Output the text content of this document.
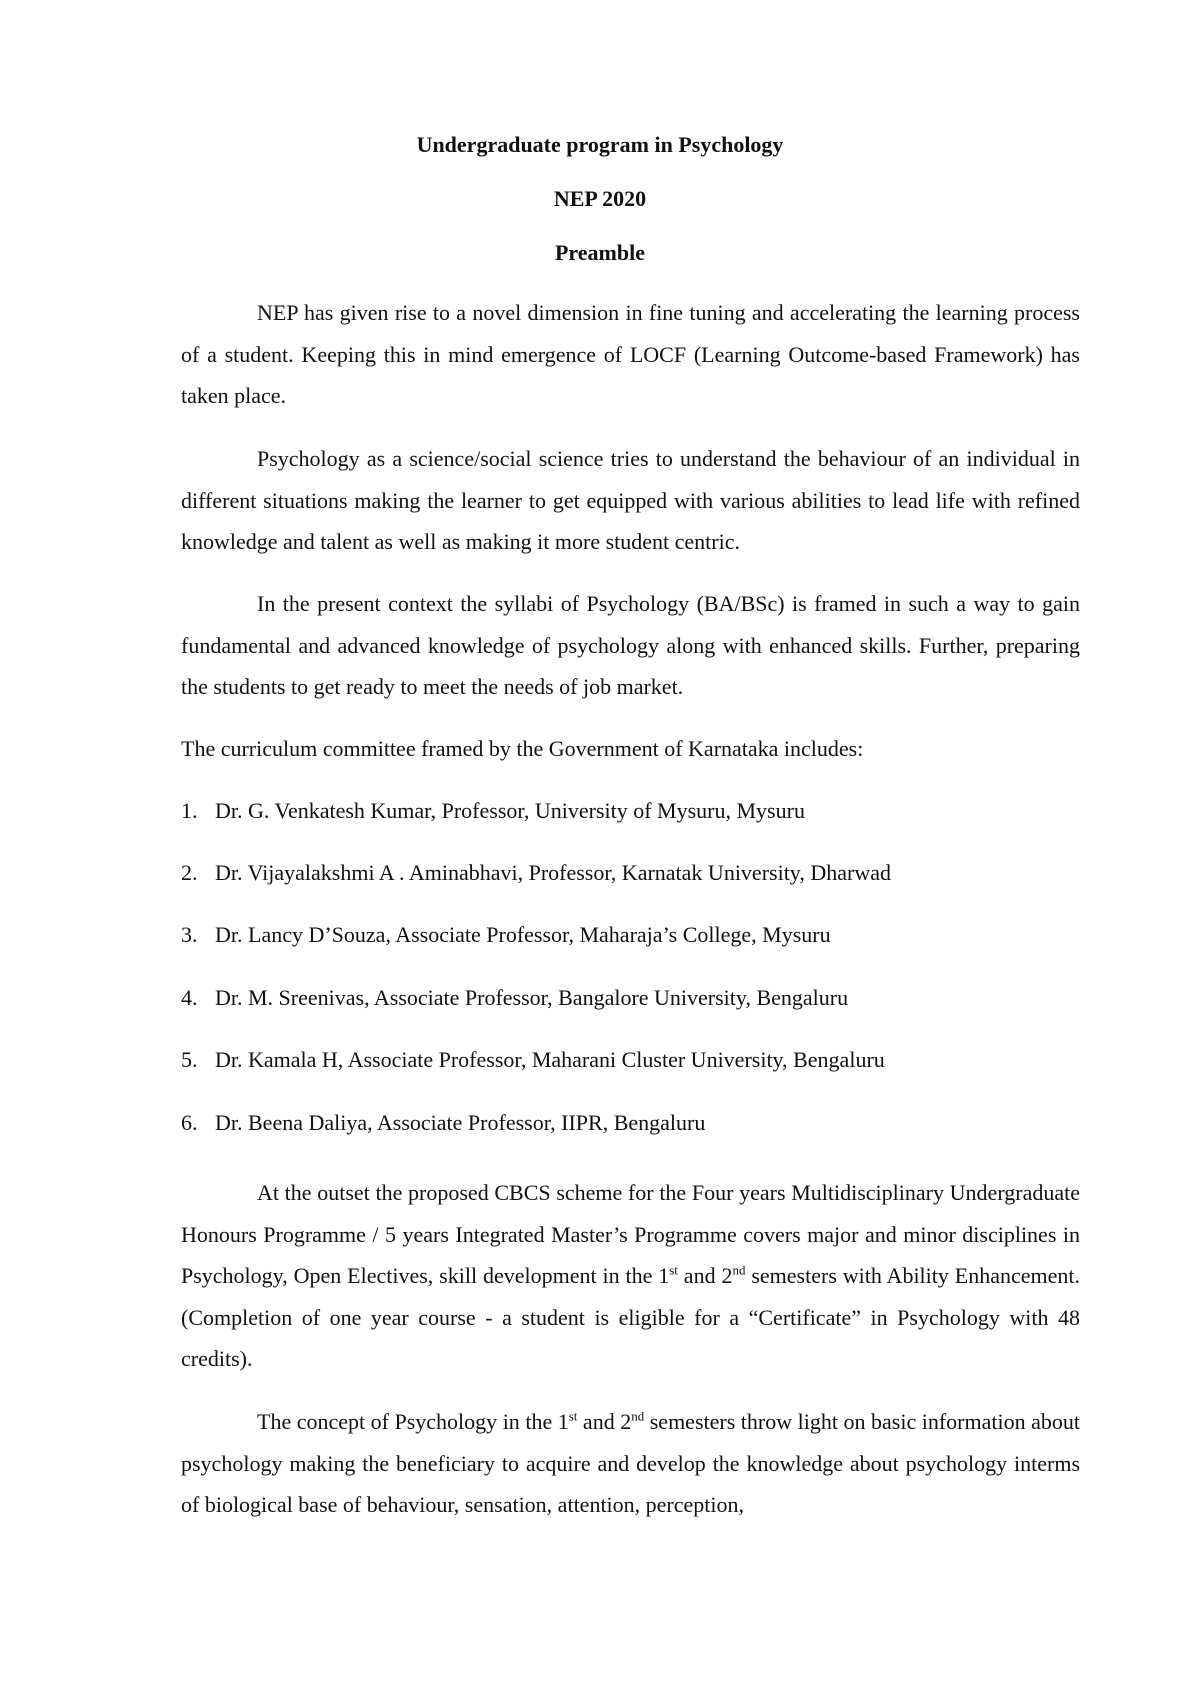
Undergraduate program in Psychology
NEP 2020
Preamble

NEP has given rise to a novel dimension in fine tuning and accelerating the learning process of a student. Keeping this in mind emergence of LOCF (Learning Outcome-based Framework) has taken place.

Psychology as a science/social science tries to understand the behaviour of an individual in different situations making the learner to get equipped with various abilities to lead life with refined knowledge and talent as well as making it more student centric.

In the present context the syllabi of Psychology (BA/BSc) is framed in such a way to gain fundamental and advanced knowledge of psychology along with enhanced skills. Further, preparing the students to get ready to meet the needs of job market.

The curriculum committee framed by the Government of Karnataka includes:

1. Dr. G. Venkatesh Kumar, Professor, University of Mysuru, Mysuru

2. Dr. Vijayalakshmi A . Aminabhavi, Professor, Karnatak University, Dharwad

3. Dr. Lancy D’Souza, Associate Professor, Maharaja’s College, Mysuru

4. Dr. M. Sreenivas, Associate Professor, Bangalore University, Bengaluru

5. Dr. Kamala H, Associate Professor, Maharani Cluster University, Bengaluru

6. Dr. Beena Daliya, Associate Professor, IIPR, Bengaluru

At the outset the proposed CBCS scheme for the Four years Multidisciplinary Undergraduate Honours Programme / 5 years Integrated Master’s Programme covers major and minor disciplines in Psychology, Open Electives, skill development in the 1st and 2nd semesters with Ability Enhancement. (Completion of one year course - a student is eligible for a “Certificate” in Psychology with 48 credits).

The concept of Psychology in the 1st and 2nd semesters throw light on basic information about psychology making the beneficiary to acquire and develop the knowledge about psychology interms of biological base of behaviour, sensation, attention, perception,
